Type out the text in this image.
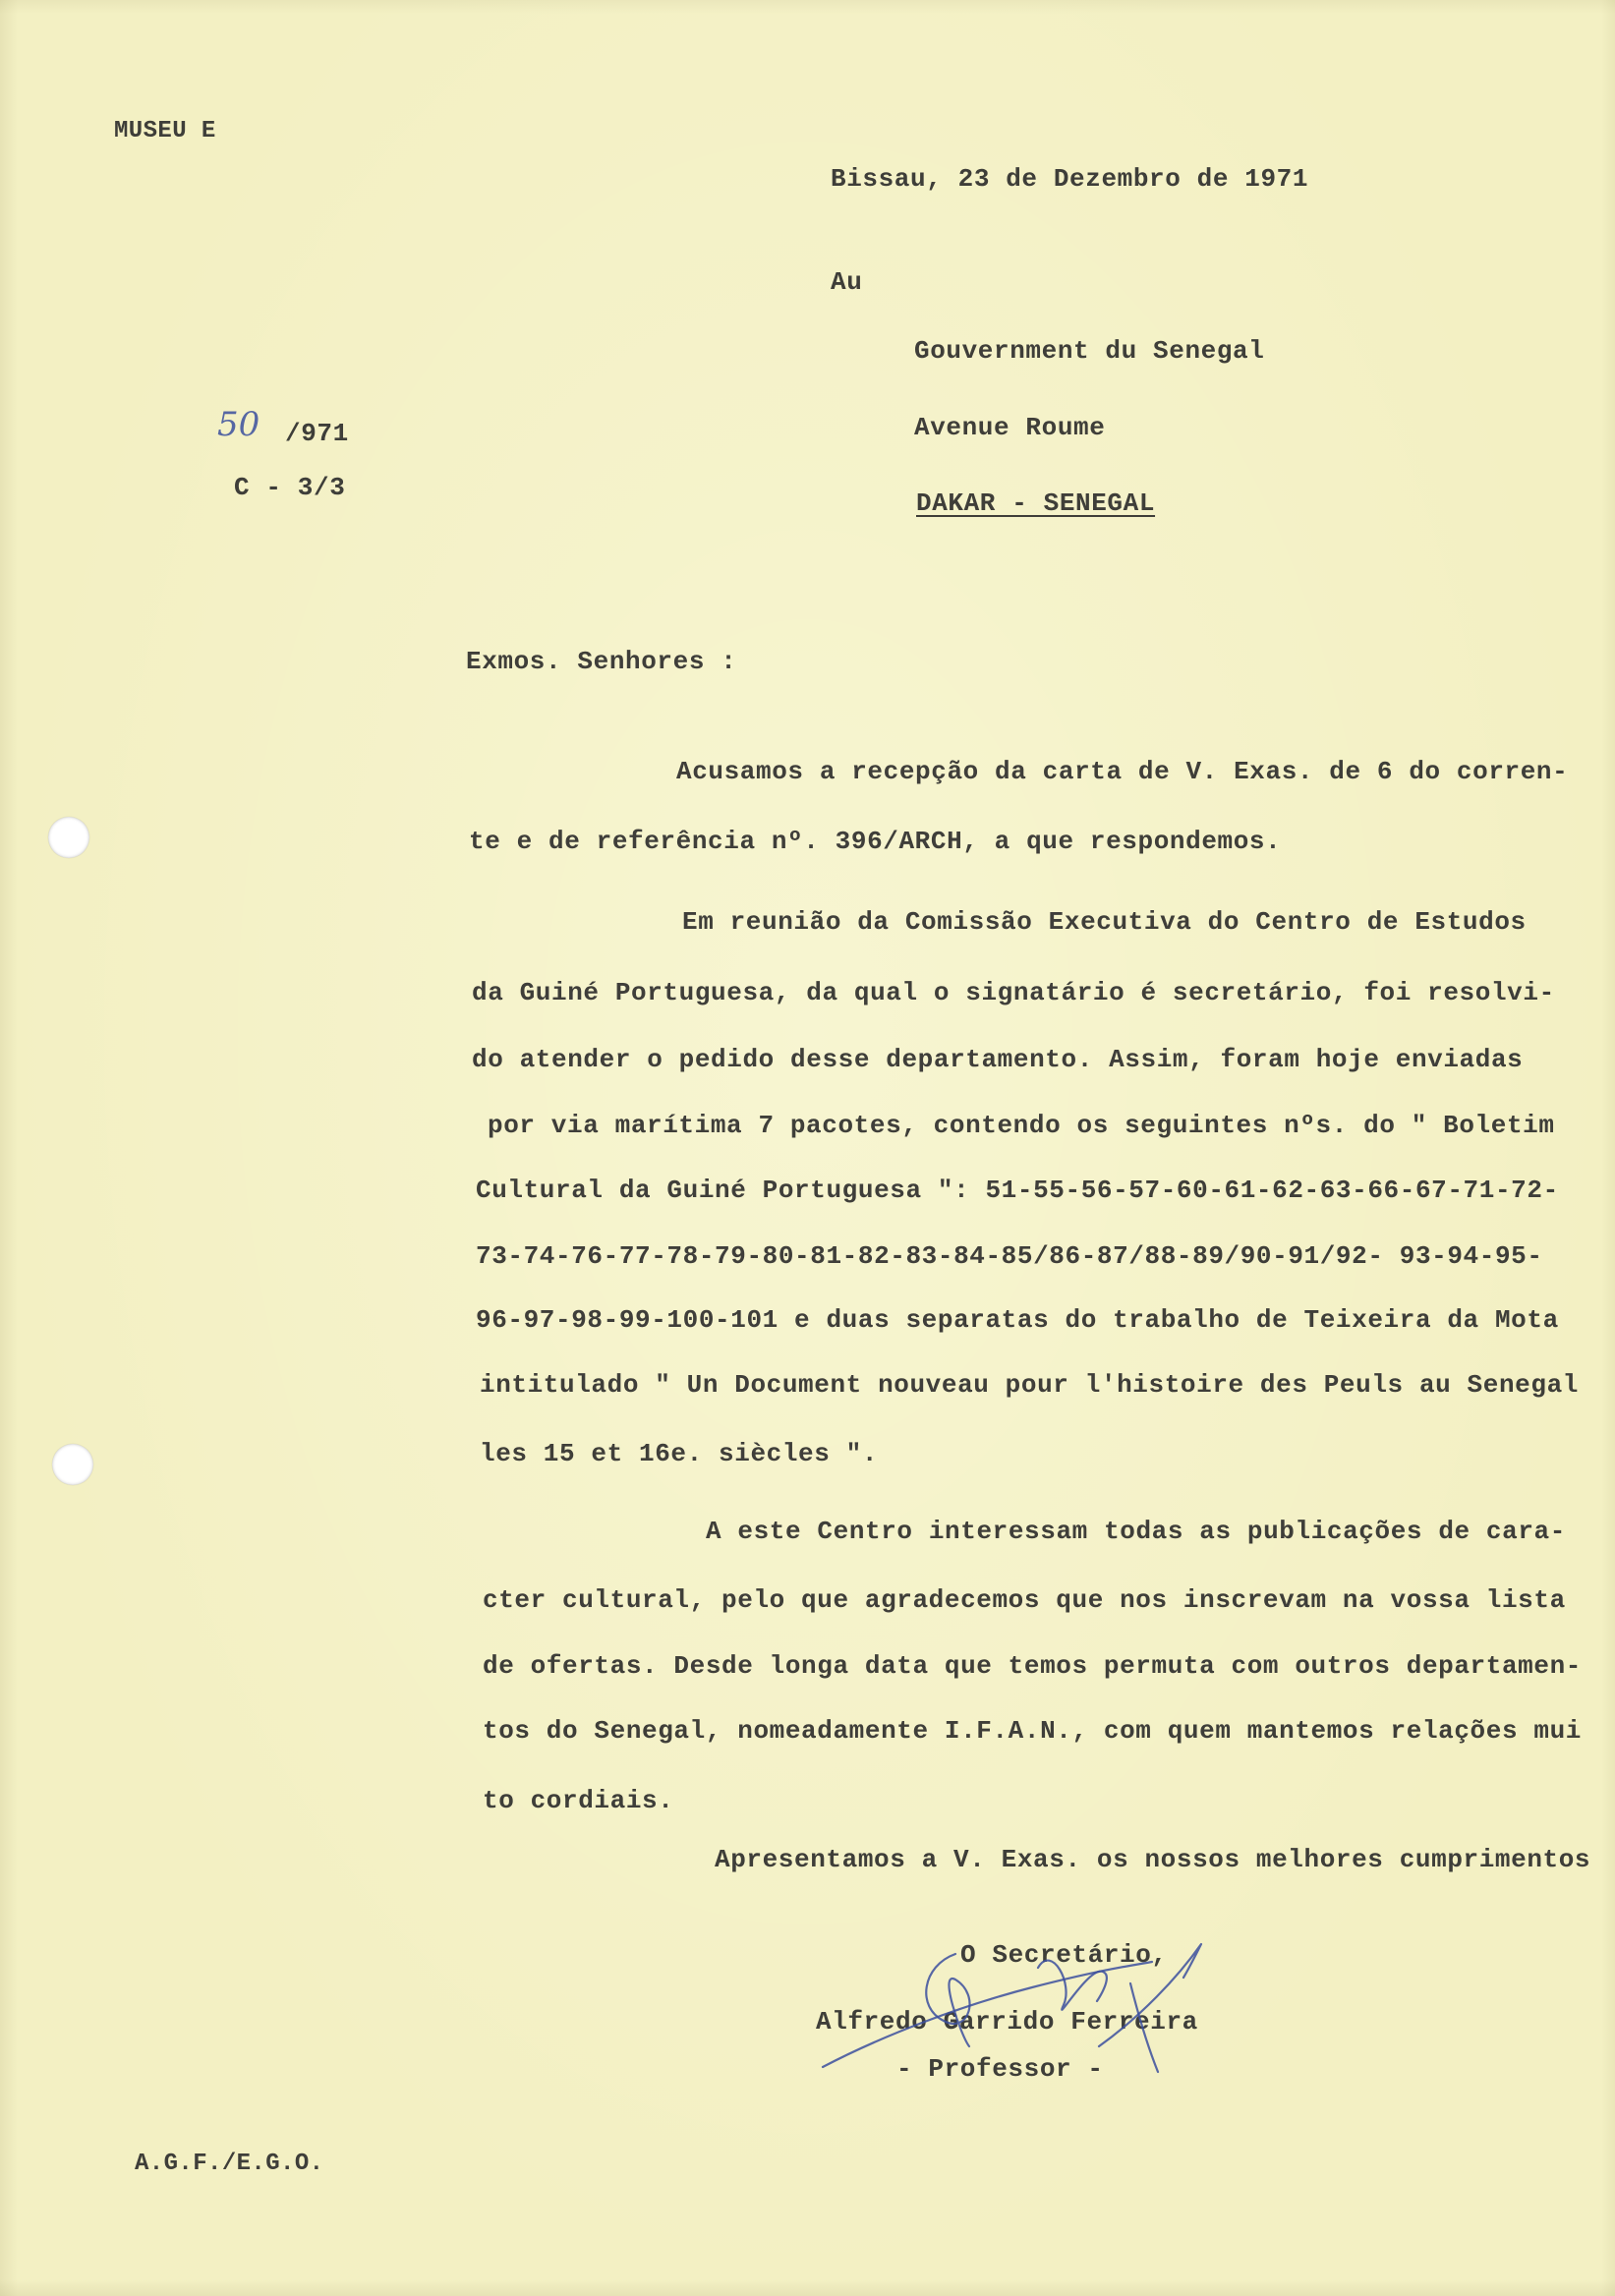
MUSEU E
Bissau, 23 de Dezembro de 1971
Au
Gouvernment du Senegal
Avenue Roume
DAKAR - SENEGAL
50 /971
C - 3/3
Exmos. Senhores :
Acusamos a recepção da carta de V. Exas. de 6 do corren-
te e de referência nº. 396/ARCH, a que respondemos.
Em reunião da Comissão Executiva do Centro de Estudos
da Guiné Portuguesa, da qual o signatário é secretário, foi resolvi-
do atender o pedido desse departamento. Assim, foram hoje enviadas
por via marítima 7 pacotes, contendo os seguintes nºs. do " Boletim
Cultural da Guiné Portuguesa ": 51-55-56-57-60-61-62-63-66-67-71-72-
73-74-76-77-78-79-80-81-82-83-84-85/86-87/88-89/90-91/92- 93-94-95-
96-97-98-99-100-101 e duas separatas do trabalho de Teixeira da Mota
intitulado " Un Document nouveau pour l'histoire des Peuls au Senegal
les 15 et 16e. siècles ".
A este Centro interessam todas as publicações de cara-
cter cultural, pelo que agradecemos que nos inscrevam na vossa lista
de ofertas. Desde longa data que temos permuta com outros departamen-
tos do Senegal, nomeadamente I.F.A.N., com quem mantemos relações mui
to cordiais.
Apresentamos a V. Exas. os nossos melhores cumprimentos
O Secretário,
Alfredo Garrido Ferreira
- Professor -
A.G.F./E.G.O.
